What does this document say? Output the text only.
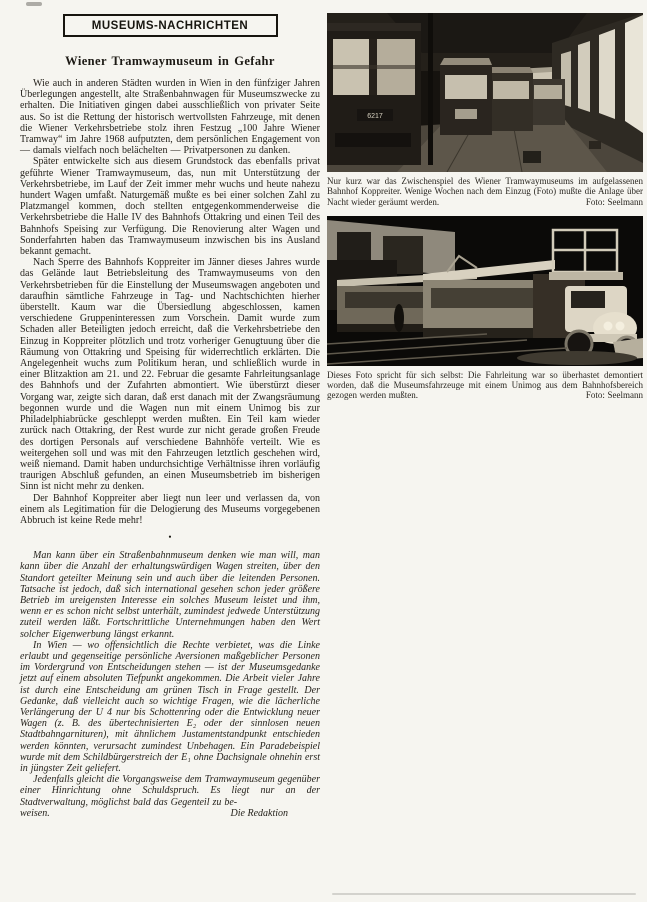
MUSEUMS-NACHRICHTEN
Wiener Tramwaymuseum in Gefahr

Wie auch in anderen Städten wurden in Wien in den fünfziger Jahren Überlegungen angestellt, alte Straßenbahnwagen für Museumszwecke zu erhalten. Die Initiativen gingen dabei ausschließlich von privater Seite aus. So ist die Rettung der historisch wertvollsten Fahrzeuge, mit denen die Wiener Verkehrsbetriebe stolz ihren Festzug „100 Jahre Wiener Tramway“ im Jahre 1968 aufputzten, dem persönlichen Engagement von — damals vielfach noch belächelten — Privatpersonen zu danken.

Später entwickelte sich aus diesem Grundstock das ebenfalls privat geführte Wiener Tramwaymuseum, das, nun mit Unterstützung der Verkehrsbetriebe, im Lauf der Zeit immer mehr wuchs und heute nahezu hundert Wagen umfaßt. Naturgemäß mußte es bei einer solchen Zahl zu Platzmangel kommen, doch stellten entgegenkommenderweise die Verkehrsbetriebe die Halle IV des Bahnhofs Ottakring und einen Teil des Bahnhofs Speising zur Verfügung. Die Renovierung alter Wagen und Sonderfahrten haben das Tramwaymuseum inzwischen bis ins Ausland bekannt gemacht.

Nach Sperre des Bahnhofs Koppreiter im Jänner dieses Jahres wurde das Gelände laut Betriebsleitung des Tramwaymuseums von den Verkehrsbetrieben für die Einstellung der Museumswagen angeboten und daraufhin sämtliche Fahrzeuge in Tag- und Nachtschichten hierher überstellt. Kaum war die Übersiedlung abgeschlossen, kamen verschiedene Gruppeninteressen zum Vorschein. Damit wurde zum Schaden aller Beteiligten jedoch erreicht, daß die Verkehrsbetriebe den Einzug in Koppreiter plötzlich und trotz vorheriger Genugtuung über die Räumung von Ottakring und Speising für widerrechtlich erklärten. Die Angelegenheit wuchs zum Politikum heran, und schließlich wurde in einer Blitzaktion am 21. und 22. Februar die gesamte Fahrleitungsanlage des Bahnhofs und der Zufahrten abmontiert. Wie überstürzt dieser Vorgang war, zeigte sich daran, daß erst danach mit der Zwangsräumung begonnen wurde und die Wagen nun mit einem Unimog bis zur Philadelphiabrücke geschleppt werden mußten. Ein Teil kam wieder zurück nach Ottakring, der Rest wurde zur nicht gerade großen Freude des dortigen Personals auf verschiedene Bahnhöfe verteilt. Wie es weitergehen soll und was mit den Fahrzeugen letztlich geschehen wird, weiß niemand. Damit haben undurchsichtige Verhältnisse ihren vorläufig traurigen Abschluß gefunden, an einen Museumsbetrieb im bisherigen Sinn ist nicht mehr zu denken.

Der Bahnhof Koppreiter aber liegt nun leer und verlassen da, von einem als Legitimation für die Delogierung des Museums vorgegebenen Abbruch ist keine Rede mehr!

•

Man kann über ein Straßenbahnmuseum denken wie man will, man kann über die Anzahl der erhaltungswürdigen Wagen streiten, über den Standort geteilter Meinung sein und auch über die leitenden Personen. Tatsache ist jedoch, daß sich international gesehen schon jeder größere Betrieb im ureigensten Interesse ein solches Museum leistet und ihm, wenn er es schon nicht selbst unterhält, zumindest jedwede Unterstützung zuteil werden läßt. Fortschrittliche Unternehmungen haben den Wert solcher Eigenwerbung längst erkannt.

In Wien — wo offensichtlich die Rechte verbietet, was die Linke erlaubt und gegenseitige persönliche Aversionen maßgeblicher Personen im Vordergrund von Entscheidungen stehen — ist der Museumsgedanke jetzt auf einem absoluten Tiefpunkt angekommen. Die Arbeit vieler Jahre ist durch eine Entscheidung am grünen Tisch in Frage gestellt. Der Gedanke, daß vielleicht auch so wichtige Fragen, wie die lächerliche Verlängerung der U 4 nur bis Schottenring oder die Entwicklung neuer Wagen (z. B. des übertechnisierten E₂ oder der sinnlosen neuen Stadtbahngarnituren), mit ähnlichem Justamentstandpunkt entschieden werden könnten, verursacht zumindest Unbehagen. Ein Paradebeispiel wurde mit dem Schildbürgerstreich der E₁ ohne Dachsignale ohnehin erst in jüngster Zeit geliefert.

Jedenfalls gleicht die Vorgangsweise dem Tramwaymuseum gegenüber einer Hinrichtung ohne Schuldspruch. Es liegt nur an der Stadtverwaltung, möglichst bald das Gegenteil zu be-

weisen.	Die Redaktion
6217

Nur kurz war das Zwischenspiel des Wiener Tramwaymuseums im aufgelassenen Bahnhof Koppreiter. Wenige Wochen nach dem Einzug (Foto) mußte die Anlage über Nacht wieder geräumt werden.	Foto: Seelmann

Dieses Foto spricht für sich selbst: Die Fahrleitung war so überhastet demontiert worden, daß die Museumsfahrzeuge mit einem Unimog aus dem Bahnhofsbereich gezogen werden mußten.	Foto: Seelmann
